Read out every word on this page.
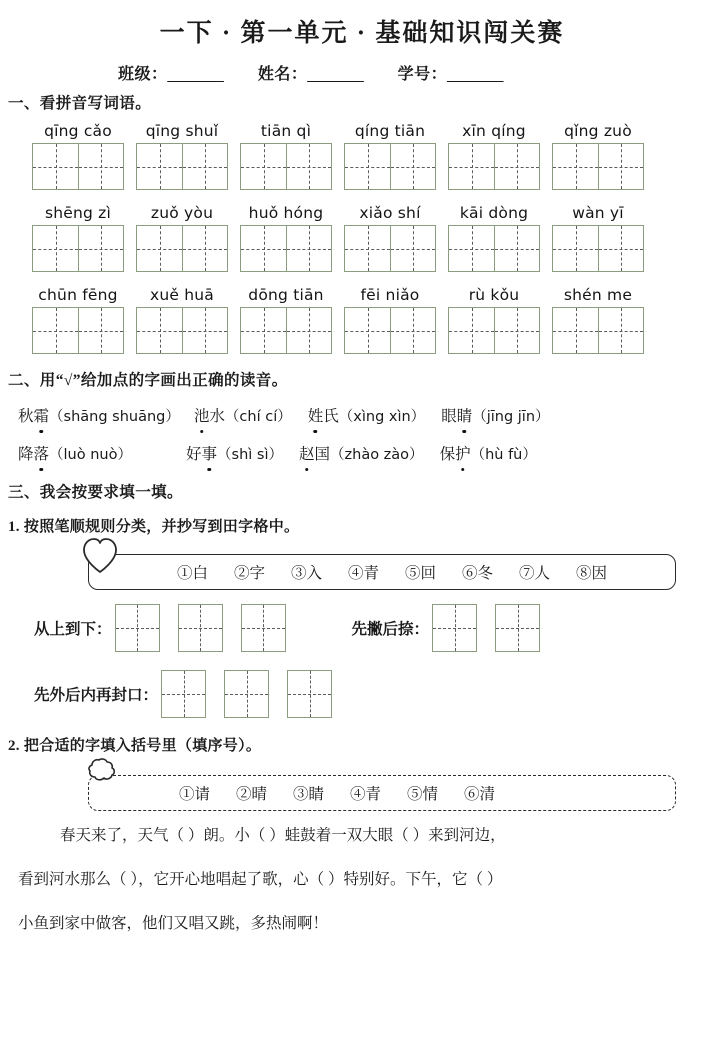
一下 · 第一单元 · 基础知识闯关赛
班级：_______ 姓名：_______ 学号：_______
一、看拼音写词语。
qīng cǎo	qīng shuǐ	tiān qì	qíng tiān	xīn qíng	qǐng zuò
shēng zì	zuǒ yòu	huǒ hóng	xiǎo shí	kāi dòng	wàn yī
chūn fēng	xuě huā	dōng tiān	fēi niǎo	rù kǒu	shén me
二、用“√”给加点的字画出正确的读音。
秋霜（shāng shuāng） 池水（chí cí） 姓氏（xìng xìn） 眼睛（jīng jīn）
降落（luò nuò）	好事（shì sì） 赵国（zhào zào） 保护（hù fù）
三、我会按要求填一填。
1. 按照笔顺规则分类，并抄写到田字格中。
①白 ②字 ③入 ④青 ⑤回 ⑥冬 ⑦人 ⑧因
从上到下：	先撇后捺：
先外后内再封口：
2. 把合适的字填入括号里（填序号）。
①请 ②晴 ③睛 ④青 ⑤情 ⑥清
春天来了，天气（ ）朗。小（ ）蛙鼓着一双大眼（ ）来到河边，
看到河水那么（ ），它开心地唱起了歌，心（ ）特别好。下午，它（ ）
小鱼到家中做客，他们又唱又跳，多热闹啊！
